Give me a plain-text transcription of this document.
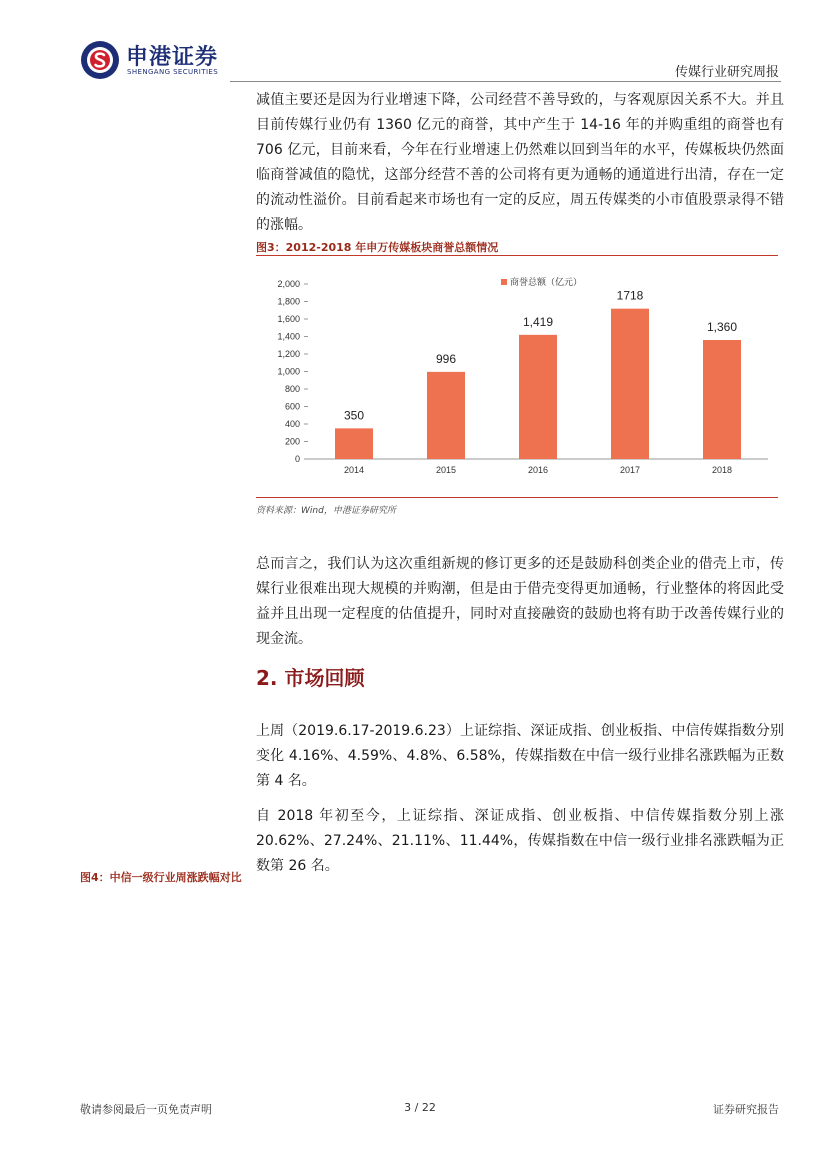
申港证券
SHENGANG SECURITIES	传媒行业研究周报

减值主要还是因为行业增速下降，公司经营不善导致的，与客观原因关系不大。并且目前传媒行业仍有 1360 亿元的商誉，其中产生于 14-16 年的并购重组的商誉也有 706 亿元，目前来看，今年在行业增速上仍然难以回到当年的水平，传媒板块仍然面临商誉减值的隐忧，这部分经营不善的公司将有更为通畅的通道进行出清，存在一定的流动性溢价。目前看起来市场也有一定的反应，周五传媒类的小市值股票录得不错的涨幅。

图3：2012-2018 年申万传媒板块商誉总额情况
0
200
400
600
800
1,000
1,200
1,400
1,600
1,800
2,000
350
2014
996
2015
1,419
2016
1718
2017
1,360
2018
商誉总额（亿元）
资料来源：Wind，申港证券研究所

总而言之，我们认为这次重组新规的修订更多的还是鼓励科创类企业的借壳上市，传媒行业很难出现大规模的并购潮，但是由于借壳变得更加通畅，行业整体的将因此受益并且出现一定程度的估值提升，同时对直接融资的鼓励也将有助于改善传媒行业的现金流。

2. 市场回顾

上周（2019.6.17-2019.6.23）上证综指、深证成指、创业板指、中信传媒指数分别变化 4.16%、4.59%、4.8%、6.58%，传媒指数在中信一级行业排名涨跌幅为正数第 4 名。

自 2018 年初至今，上证综指、深证成指、创业板指、中信传媒指数分别上涨 20.62%、27.24%、21.11%、11.44%，传媒指数在中信一级行业排名涨跌幅为正数第 26 名。

图4：中信一级行业周涨跌幅对比
敬请参阅最后一页免责声明	3 / 22	证券研究报告
